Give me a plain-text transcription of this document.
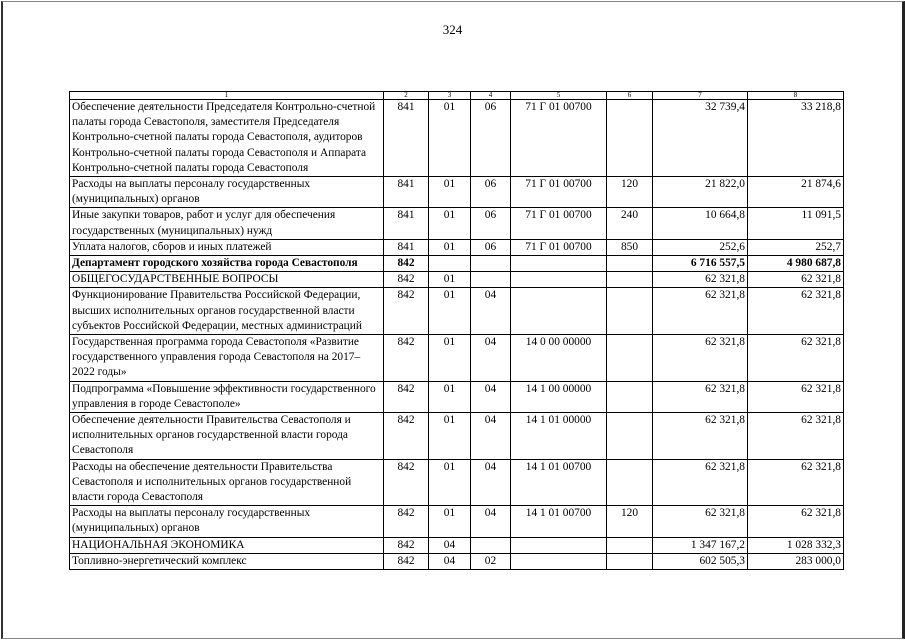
324
1	2	3	4	5	6	7	8
Обеспечение деятельности Председателя Контрольно-счетной палаты города Севастополя, заместителя Председателя Контрольно-счетной палаты города Севастополя, аудиторов Контрольно-счетной палаты города Севастополя и Аппарата Контрольно-счетной палаты города Севастополя	841	01	06	71 Г 01 00700		32 739,4	33 218,8
Расходы на выплаты персоналу государственных (муниципальных) органов	841	01	06	71 Г 01 00700	120	21 822,0	21 874,6
Иные закупки товаров, работ и услуг для обеспечения государственных (муниципальных) нужд	841	01	06	71 Г 01 00700	240	10 664,8	11 091,5
Уплата налогов, сборов и иных платежей	841	01	06	71 Г 01 00700	850	252,6	252,7
Департамент городского хозяйства города Севастополя	842					6 716 557,5	4 980 687,8
ОБЩЕГОСУДАРСТВЕННЫЕ ВОПРОСЫ	842	01				62 321,8	62 321,8
Функционирование Правительства Российской Федерации, высших исполнительных органов государственной власти субъектов Российской Федерации, местных администраций	842	01	04			62 321,8	62 321,8
Государственная программа города Севастополя «Развитие государственного управления города Севастополя на 2017–2022 годы»	842	01	04	14 0 00 00000		62 321,8	62 321,8
Подпрограмма «Повышение эффективности государственного управления в городе Севастополе»	842	01	04	14 1 00 00000		62 321,8	62 321,8
Обеспечение деятельности Правительства Севастополя и исполнительных органов государственной власти города Севастополя	842	01	04	14 1 01 00000		62 321,8	62 321,8
Расходы на обеспечение деятельности Правительства Севастополя и исполнительных органов государственной власти города Севастополя	842	01	04	14 1 01 00700		62 321,8	62 321,8
Расходы на выплаты персоналу государственных (муниципальных) органов	842	01	04	14 1 01 00700	120	62 321,8	62 321,8
НАЦИОНАЛЬНАЯ ЭКОНОМИКА	842	04				1 347 167,2	1 028 332,3
Топливно-энергетический комплекс	842	04	02			602 505,3	283 000,0
